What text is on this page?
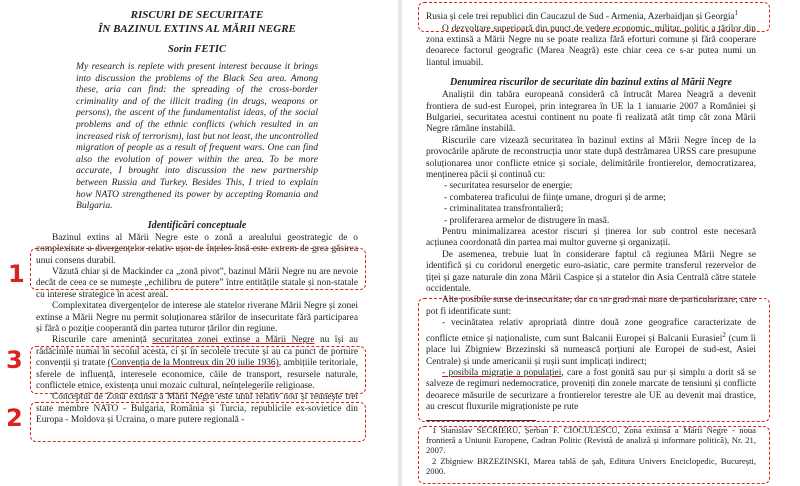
RISCURI DE SECURITATE

ÎN BAZINUL EXTINS AL MĂRII NEGRE

Sorin FETIC

My research is replete with present interest because it brings into discussion the problems of the Black Sea area. Among these, aria can find: the spreading of the cross-border criminality and of the illicit trading (in drugs, weapons or persons), the ascent of the fundamentalist ideas, of the social problems and of the ethnic conflicts (which resulted in an increased risk of terrorism), last but not least, the uncontrolled migration of people as a result of frequent wars. One can find also the evolution of power within the area. To be more accurate, I brought into discussion the new partnership between Russia and Turkey. Besides This, I tried to explain how NATO strengthened its power by accepting Romania and Bulgaria.

Identificări conceptuale

Bazinul extins al Mării Negre este o zonă a arealului geostrategic de o complexitate a divergențelor relativ ușor de înțeles însă este extrem de grea găsirea unui consens durabil.

Văzută chiar și de Mackinder ca „zonă pivot”, bazinul Mării Negre nu are nevoie decât de ceea ce se numește „echilibru de putere” între entitățile statale și non-statale cu interese strategice în acest areal.

Complexitatea divergențelor de interese ale statelor riverane Mării Negre și zonei extinse a Mării Negre nu permit soluționarea stărilor de insecuritate fără participarea și fără o poziție cooperantă din partea tuturor țărilor din regiune.

Riscurile care amenință securitatea zonei extinse a Mării Negre nu își au rădăcinile numai în secolul acesta, ci și în secolele trecute și au ca punct de pornire convenții și tratate (Convenția de la Montreux din 20 iulie 1936), ambițiile teritoriale, sferele de influență, interesele economice, căile de transport, resursele naturale, conflictele etnice, existența unui mozaic cultural, neînțelegerile religioase.

Conceptul de Zonă extinsă a Mării Negre este unul relativ nou și reunește trei state membre NATO - Bulgaria, România și Turcia, republicile ex-sovietice din Europa - Moldova și Ucraina, o mare putere regională -

1
3
2

Rusia și cele trei republici din Caucazul de Sud - Armenia, Azerbaidjan și Georgia$^1$

O dezvoltare superioară din punct de vedere economic, militar, politic a țărilor din zona extinsă a Mării Negre nu se poate realiza fără eforturi comune și fără cooperare deoarece factorul geografic (Marea Neagră) este chiar ceea ce s-ar putea numi un liantul imuabil.

Denumirea riscurilor de securitate din bazinul extins al Mării Negre

Analiștii din tabăra europeană consideră că întrucât Marea Neagră a devenit frontiera de sud-est Europei, prin integrarea în UE la 1 ianuarie 2007 a României și Bulgariei, securitatea acestui continent nu poate fi realizată atât timp cât zona Mării Negre rămâne instabilă.

Riscurile care vizează securitatea în bazinul extins al Mării Negre încep de la provocările apărute de reconstrucția unor state după destrămarea URSS care presupune soluționarea unor conflicte etnice și sociale, delimitările frontierelor, democratizarea, menținerea păcii și continuă cu:

- securitatea resurselor de energie;

- combaterea traficului de ființe umane, droguri și de arme;

- criminalitatea transfrontalieră;

- proliferarea armelor de distrugere în masă.

Pentru minimalizarea acestor riscuri și ținerea lor sub control este necesară acțiunea coordonată din partea mai multor guverne și organizații.

De asemenea, trebuie luat în considerare faptul că regiunea Mării Negre se identifică și cu coridorul energetic euro-asiatic, care permite transferul rezervelor de țiței și gaze naturale din zona Mării Caspice și a statelor din Asia Centrală către statele occidentale.

Alte posibile surse de insecuritate, dar cu un grad mai mare de particularizare, care pot fi identificate sunt:

- vecinătatea relativ apropriată dintre două zone geografice caracterizate de conflicte etnice și naționaliste, cum sunt Balcanii Europei și Balcanii Eurasiei$^2$ (cum îi place lui Zbigniew Brzezinski să numească porțiuni ale Europei de sud-est, Asiei Centrale) și unde americanii și rușii sunt implicați indirect;

- posibila migrație a populației, care a fost gonită sau pur și simplu a dorit să se salveze de regimuri nedemocratice, proveniți din zonele marcate de tensiuni și conflicte deoarece măsurile de securizare a frontierelor terestre ale UE au devenit mai drastice, au crescut fluxurile migraționiste pe rute

1 Stanislav SECRIERU, Șerban F. CIOCULESCU, Zona extinsă a Mării Negre - noua frontieră a Uniunii Europene, Cadran Politic (Revistă de analiză și informare politică), Nr. 21, 2007.

2 Zbigniew BRZEZINSKI, Marea tablă de șah, Editura Univers Enciclopedic, București, 2000.
